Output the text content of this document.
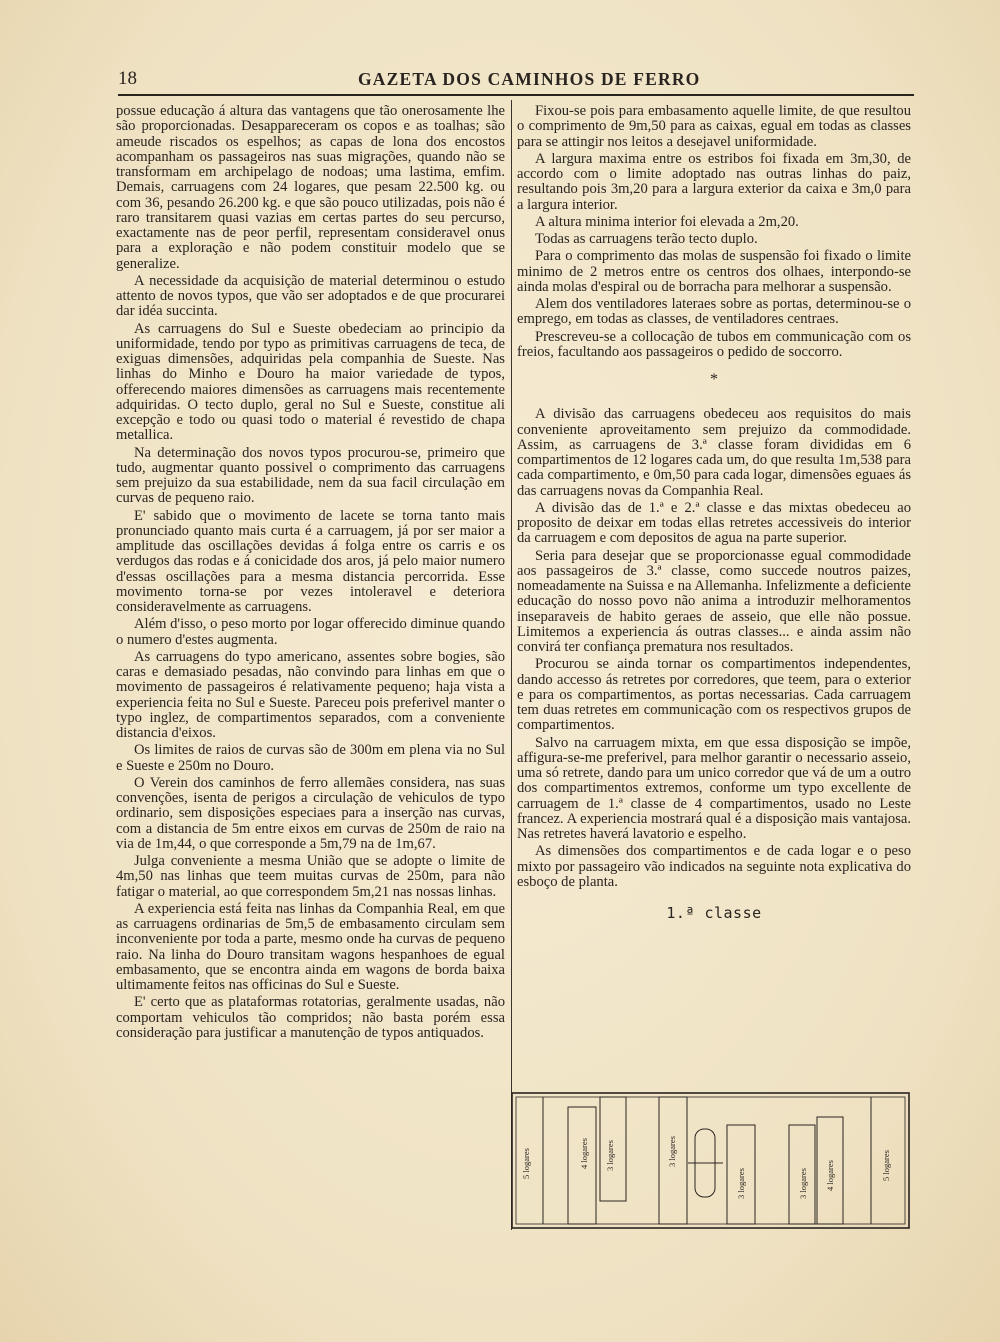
18	GAZETA DOS CAMINHOS DE FERRO

possue educação á altura das vantagens que tão onerosamente lhe são proporcionadas. Desappareceram os copos e as toalhas; são ameude riscados os espelhos; as capas de lona dos encostos acompanham os passageiros nas suas migrações, quando não se transformam em archipelago de nodoas; uma lastima, emfim. Demais, carruagens com 24 logares, que pesam 22.500 kg. ou com 36, pesando 26.200 kg. e que são pouco utilizadas, pois não é raro transitarem quasi vazias em certas partes do seu percurso, exactamente nas de peor perfil, representam consideravel onus para a exploração e não podem constituir modelo que se generalize.

A necessidade da acquisição de material determinou o estudo attento de novos typos, que vão ser adoptados e de que procurarei dar idéa succinta.

As carruagens do Sul e Sueste obedeciam ao principio da uniformidade, tendo por typo as primitivas carruagens de teca, de exiguas dimensões, adquiridas pela companhia de Sueste. Nas linhas do Minho e Douro ha maior variedade de typos, offerecendo maiores dimensões as carruagens mais recentemente adquiridas. O tecto duplo, geral no Sul e Sueste, constitue ali excepção e todo ou quasi todo o material é revestido de chapa metallica.

Na determinação dos novos typos procurou-se, primeiro que tudo, augmentar quanto possivel o comprimento das carruagens sem prejuizo da sua estabilidade, nem da sua facil circulação em curvas de pequeno raio.

E' sabido que o movimento de lacete se torna tanto mais pronunciado quanto mais curta é a carruagem, já por ser maior a amplitude das oscillações devidas á folga entre os carris e os verdugos das rodas e á conicidade dos aros, já pelo maior numero d'essas oscillações para a mesma distancia percorrida. Esse movimento torna-se por vezes intoleravel e deteriora consideravelmente as carruagens.

Além d'isso, o peso morto por logar offerecido diminue quando o numero d'estes augmenta.

As carruagens do typo americano, assentes sobre bogies, são caras e demasiado pesadas, não convindo para linhas em que o movimento de passageiros é relativamente pequeno; haja vista a experiencia feita no Sul e Sueste. Pareceu pois preferivel manter o typo inglez, de compartimentos separados, com a conveniente distancia d'eixos.

Os limites de raios de curvas são de 300m em plena via no Sul e Sueste e 250m no Douro.

O Verein dos caminhos de ferro allemães considera, nas suas convenções, isenta de perigos a circulação de vehiculos de typo ordinario, sem disposições especiaes para a inserção nas curvas, com a distancia de 5m entre eixos em curvas de 250m de raio na via de 1m,44, o que corresponde a 5m,79 na de 1m,67.

Julga conveniente a mesma União que se adopte o limite de 4m,50 nas linhas que teem muitas curvas de 250m, para não fatigar o material, ao que correspondem 5m,21 nas nossas linhas.

A experiencia está feita nas linhas da Companhia Real, em que as carruagens ordinarias de 5m,5 de embasamento circulam sem inconveniente por toda a parte, mesmo onde ha curvas de pequeno raio. Na linha do Douro transitam wagons hespanhoes de egual embasamento, que se encontra ainda em wagons de borda baixa ultimamente feitos nas officinas do Sul e Sueste.

E' certo que as plataformas rotatorias, geralmente usadas, não comportam vehiculos tão compridos; não basta porém essa consideração para justificar a manutenção de typos antiquados.

Fixou-se pois para embasamento aquelle limite, de que resultou o comprimento de 9m,50 para as caixas, egual em todas as classes para se attingir nos leitos a desejavel uniformidade.

A largura maxima entre os estribos foi fixada em 3m,30, de accordo com o limite adoptado nas outras linhas do paiz, resultando pois 3m,20 para a largura exterior da caixa e 3m,0 para a largura interior.

A altura minima interior foi elevada a 2m,20.

Todas as carruagens terão tecto duplo.

Para o comprimento das molas de suspensão foi fixado o limite minimo de 2 metros entre os centros dos olhaes, interpondo-se ainda molas d'espiral ou de borracha para melhorar a suspensão.

Alem dos ventiladores lateraes sobre as portas, determinou-se o emprego, em todas as classes, de ventiladores centraes.

Prescreveu-se a collocação de tubos em communicação com os freios, facultando aos passageiros o pedido de soccorro.

*

A divisão das carruagens obedeceu aos requisitos do mais conveniente aproveitamento sem prejuizo da commodidade. Assim, as carruagens de 3.ª classe foram divididas em 6 compartimentos de 12 logares cada um, do que resulta 1m,538 para cada compartimento, e 0m,50 para cada logar, dimensões eguaes ás das carruagens novas da Companhia Real.

A divisão das de 1.ª e 2.ª classe e das mixtas obedeceu ao proposito de deixar em todas ellas retretes accessiveis do interior da carruagem e com depositos de agua na parte superior.

Seria para desejar que se proporcionasse egual commodidade aos passageiros de 3.ª classe, como succede noutros paizes, nomeadamente na Suissa e na Allemanha. Infelizmente a deficiente educação do nosso povo não anima a introduzir melhoramentos inseparaveis de habito geraes de asseio, que elle não possue. Limitemos a experiencia ás outras classes... e ainda assim não convirá ter confiança prematura nos resultados.

Procurou se ainda tornar os compartimentos independentes, dando accesso ás retretes por corredores, que teem, para o exterior e para os compartimentos, as portas necessarias. Cada carruagem tem duas retretes em communicação com os respectivos grupos de compartimentos.

Salvo na carruagem mixta, em que essa disposição se impõe, affigura-se-me preferivel, para melhor garantir o necessario asseio, uma só retrete, dando para um unico corredor que vá de um a outro dos compartimentos extremos, conforme um typo excellente de carruagem de 1.ª classe de 4 compartimentos, usado no Leste francez. A experiencia mostrará qual é a disposição mais vantajosa. Nas retretes haverá lavatorio e espelho.

As dimensões dos compartimentos e de cada logar e o peso mixto por passageiro vão indicados na seguinte nota explicativa do esboço de planta.

1.ª classe
5 logares	4 logares 3 logares	3 logares
3 logares	3 logares 4 logares	5 logares
